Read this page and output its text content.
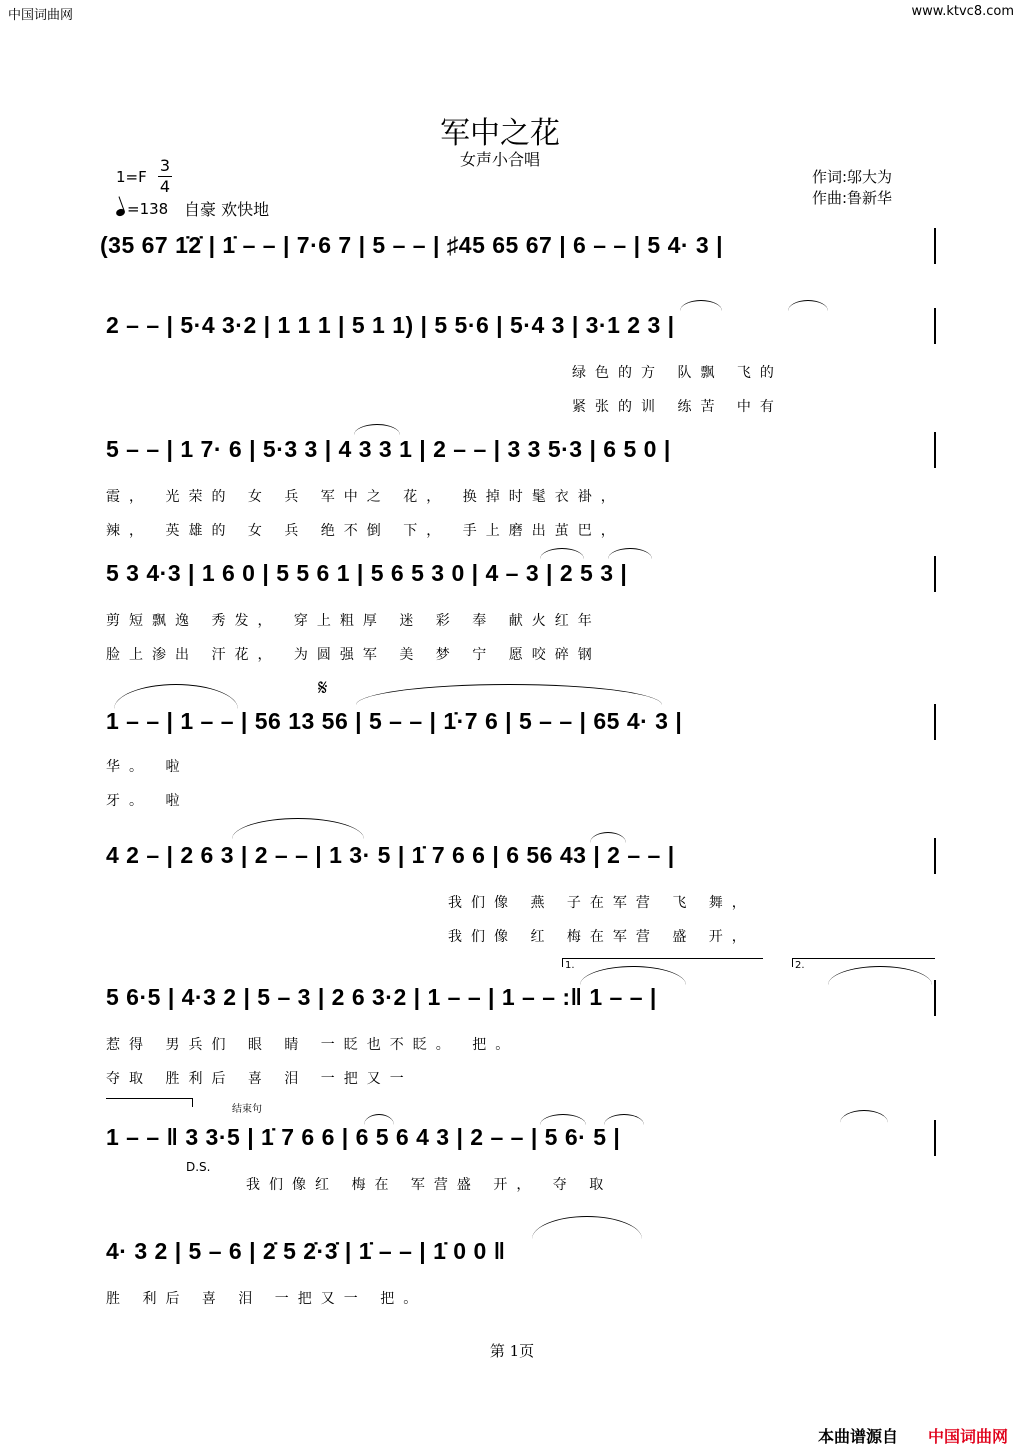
中国词曲网	www.ktvc8.com
军中之花
女声小合唱
作词:邬大为
作曲:鲁新华
1=F
3
4
=138 自豪 欢快地
(35 67 1̇2̇ | 1̇ – – | 7·6 7 | 5 – – | ♯45 65 67 | 6 – – | 5 4· 3 |
2 – – | 5·4 3·2 | 1 1 1 | 5 1 1) | 5 5·6 | 5·4 3 | 3·1 2 3 |
绿色的方 队飘 飞的
紧张的训 练苦 中有
5 – – | 1 7· 6 | 5·3 3 | 4 3 3 1 | 2 – – | 3 3 5·3 | 6 5 0 |
霞， 光荣的 女 兵 军中之 花， 换掉时髦衣褂，
辣， 英雄的 女 兵 绝不倒 下， 手上磨出茧巴，
5 3 4·3 | 1 6 0 | 5 5 6 1 | 5 6 5 3 0 | 4 – 3 | 2 5 3 |
剪短飘逸 秀发， 穿上粗厚 迷 彩 奉 献火红年
脸上渗出 汗花， 为圆强军 美 梦 宁 愿咬碎钢
𝄋
1 – – | 1 – – | 56 13 56 | 5 – – | 1̇·7 6 | 5 – – | 65 4· 3 |
华。 啦
牙。 啦
4 2 – | 2 6 3 | 2 – – | 1 3· 5 | 1̇ 7 6 6 | 6 56 43 | 2 – – |
我们像 燕 子在军营 飞 舞，
我们像 红 梅在军营 盛 开，
1.	2.
5 6·5 | 4·3 2 | 5 – 3 | 2 6 3·2 | 1 – – | 1 – – :‖ 1 – – |
惹得 男兵们 眼 睛 一眨也不眨。 把。
夺取 胜利后 喜 泪 一把又一
结束句
1 – – ‖ 3 3·5 | 1̇ 7 6 6 | 6 5 6 4 3 | 2 – – | 5 6· 5 |
D.S.
我们像红 梅在 军营盛 开， 夺 取
4· 3 2 | 5 – 6 | 2̇ 5 2̇·3̇ | 1̇ – – | 1̇ 0 0 ‖
胜 利后 喜 泪 一把又一 把。
第 1页
本曲谱源自 中国词曲网
